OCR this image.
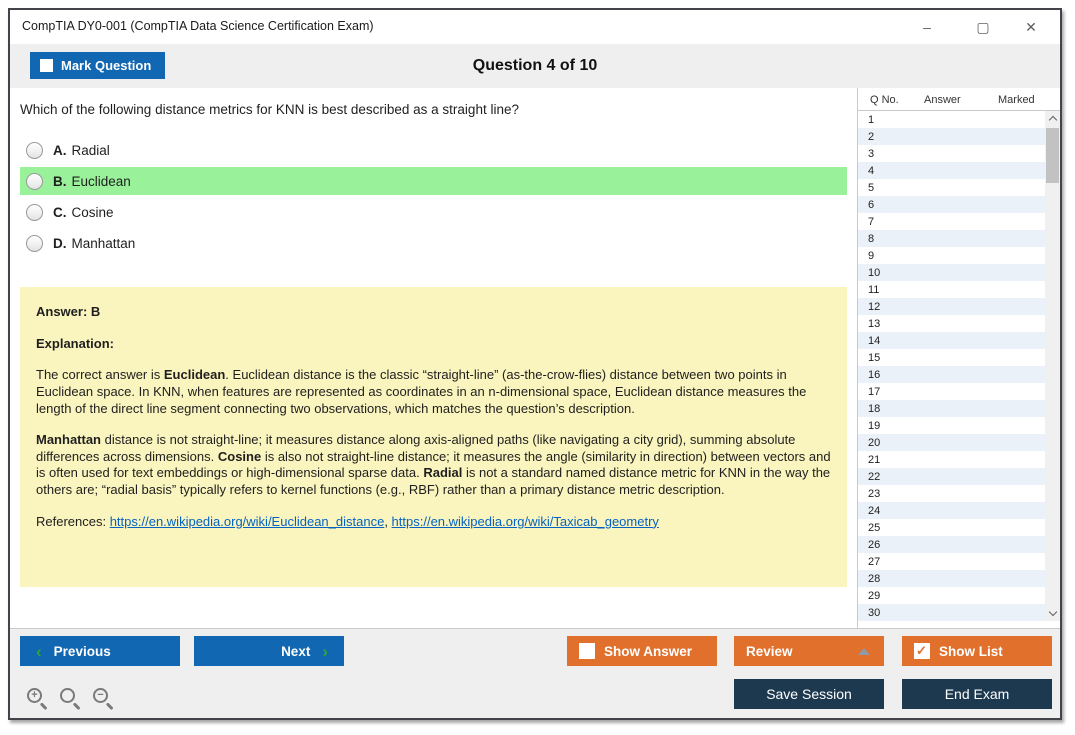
CompTIA DY0-001 (CompTIA Data Science Certification Exam)	–	▢	✕
Question 4 of 10
Mark Question
Which of the following distance metrics for KNN is best described as a straight line?
A. Radial
B. Euclidean
C. Cosine
D. Manhattan
Answer: B
Explanation:
The correct answer is Euclidean. Euclidean distance is the classic “straight-line” (as-the-crow-flies) distance between two points in Euclidean space. In KNN, when features are represented as coordinates in an n-dimensional space, Euclidean distance measures the length of the direct line segment connecting two observations, which matches the question’s description.
Manhattan distance is not straight-line; it measures distance along axis-aligned paths (like navigating a city grid), summing absolute differences across dimensions. Cosine is also not straight-line distance; it measures the angle (similarity in direction) between vectors and is often used for text embeddings or high-dimensional sparse data. Radial is not a standard named distance metric for KNN in the way the others are; “radial basis” typically refers to kernel functions (e.g., RBF) rather than a primary distance metric description.
References: https://en.wikipedia.org/wiki/Euclidean_distance, https://en.wikipedia.org/wiki/Taxicab_geometry
Q No. Answer	Marked
1
2
3
4
5
6
7
8
9
10
11
12
13
14
15
16
17
18
19
20
21
22
23
24
25
26
27
28
29
30
‹ Previous	Next ›
+	−
Show Answer	Review ✓	Show List
Save Session	End Exam
